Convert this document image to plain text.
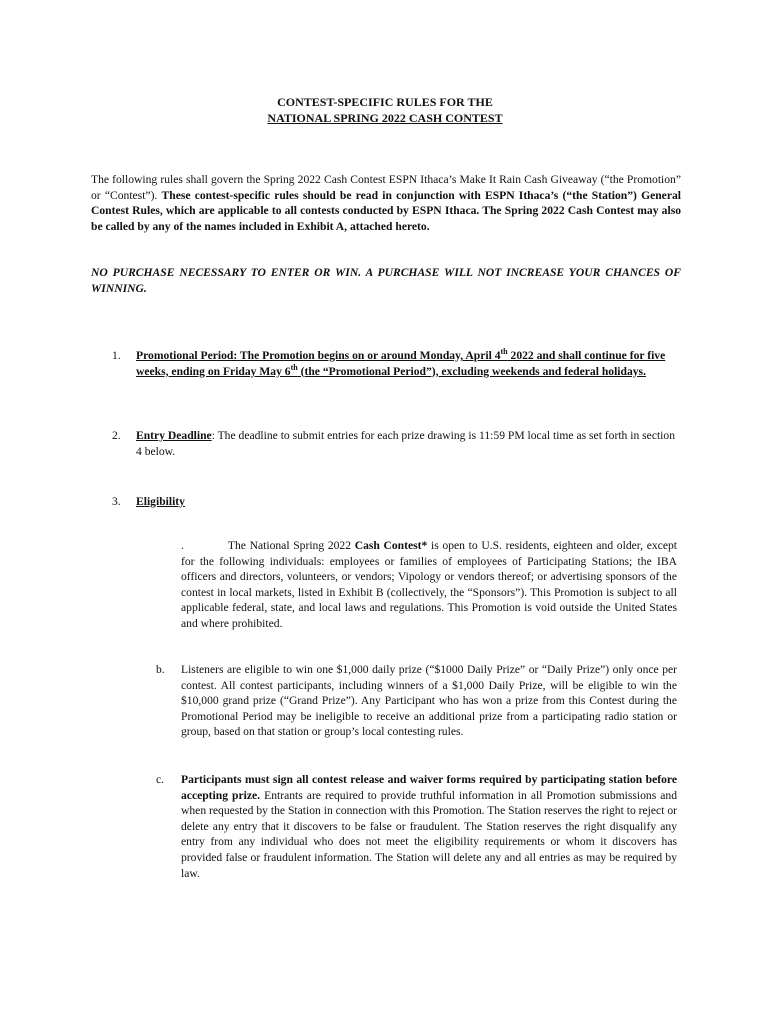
CONTEST-SPECIFIC RULES FOR THE
NATIONAL SPRING 2022 CASH CONTEST
The following rules shall govern the Spring 2022 Cash Contest ESPN Ithaca’s Make It Rain Cash Giveaway (“the Promotion” or “Contest”). These contest-specific rules should be read in conjunction with ESPN Ithaca’s (“the Station”) General Contest Rules, which are applicable to all contests conducted by ESPN Ithaca. The Spring 2022 Cash Contest may also be called by any of the names included in Exhibit A, attached hereto.
NO PURCHASE NECESSARY TO ENTER OR WIN. A PURCHASE WILL NOT INCREASE YOUR CHANCES OF WINNING.
1.	Promotional Period: The Promotion begins on or around Monday, April 4th 2022 and shall continue for five weeks, ending on Friday May 6th (the “Promotional Period”), excluding weekends and federal holidays.
2.	Entry Deadline: The deadline to submit entries for each prize drawing is 11:59 PM local time as set forth in section 4 below.
3.	Eligibility
.	The National Spring 2022 Cash Contest* is open to U.S. residents, eighteen and older, except for the following individuals: employees or families of employees of Participating Stations; the IBA officers and directors, volunteers, or vendors; Vipology or vendors thereof; or advertising sponsors of the contest in local markets, listed in Exhibit B (collectively, the “Sponsors”). This Promotion is subject to all applicable federal, state, and local laws and regulations. This Promotion is void outside the United States and where prohibited.
b.	Listeners are eligible to win one $1,000 daily prize (“$1000 Daily Prize” or “Daily Prize”) only once per contest. All contest participants, including winners of a $1,000 Daily Prize, will be eligible to win the $10,000 grand prize (“Grand Prize”). Any Participant who has won a prize from this Contest during the Promotional Period may be ineligible to receive an additional prize from a participating radio station or group, based on that station or group’s local contesting rules.
c.	Participants must sign all contest release and waiver forms required by participating station before accepting prize. Entrants are required to provide truthful information in all Promotion submissions and when requested by the Station in connection with this Promotion. The Station reserves the right to reject or delete any entry that it discovers to be false or fraudulent. The Station reserves the right disqualify any entry from any individual who does not meet the eligibility requirements or whom it discovers has provided false or fraudulent information. The Station will delete any and all entries as may be required by law.
